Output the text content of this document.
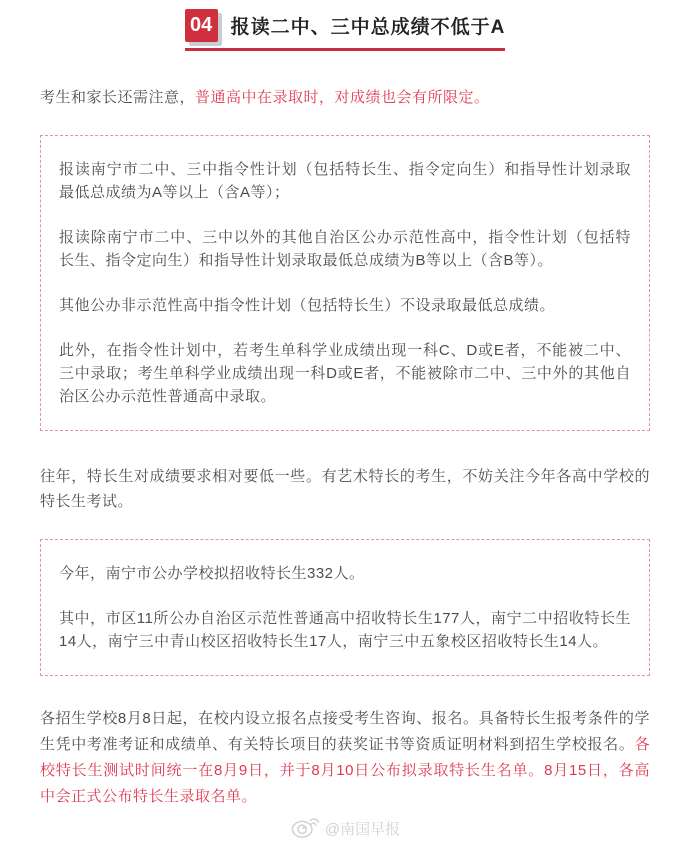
04 报读二中、三中总成绩不低于A

考生和家长还需注意，普通高中在录取时，对成绩也会有所限定。

报读南宁市二中、三中指令性计划（包括特长生、指令定向生）和指导性计划录取最低总成绩为A等以上（含A等）；

报读除南宁市二中、三中以外的其他自治区公办示范性高中，指令性计划（包括特长生、指令定向生）和指导性计划录取最低总成绩为B等以上（含B等）。

其他公办非示范性高中指令性计划（包括特长生）不设录取最低总成绩。

此外，在指令性计划中，若考生单科学业成绩出现一科C、D或E者，不能被二中、三中录取；考生单科学业成绩出现一科D或E者，不能被除市二中、三中外的其他自治区公办示范性普通高中录取。

往年，特长生对成绩要求相对要低一些。有艺术特长的考生，不妨关注今年各高中学校的特长生考试。

今年，南宁市公办学校拟招收特长生332人。

其中，市区11所公办自治区示范性普通高中招收特长生177人，南宁二中招收特长生14人，南宁三中青山校区招收特长生17人，南宁三中五象校区招收特长生14人。

各招生学校8月8日起，在校内设立报名点接受考生咨询、报名。具备特长生报考条件的学生凭中考准考证和成绩单、有关特长项目的获奖证书等资质证明材料到招生学校报名。各校特长生测试时间统一在8月9日，并于8月10日公布拟录取特长生名单。8月15日，各高中会正式公布特长生录取名单。

@南国早报
